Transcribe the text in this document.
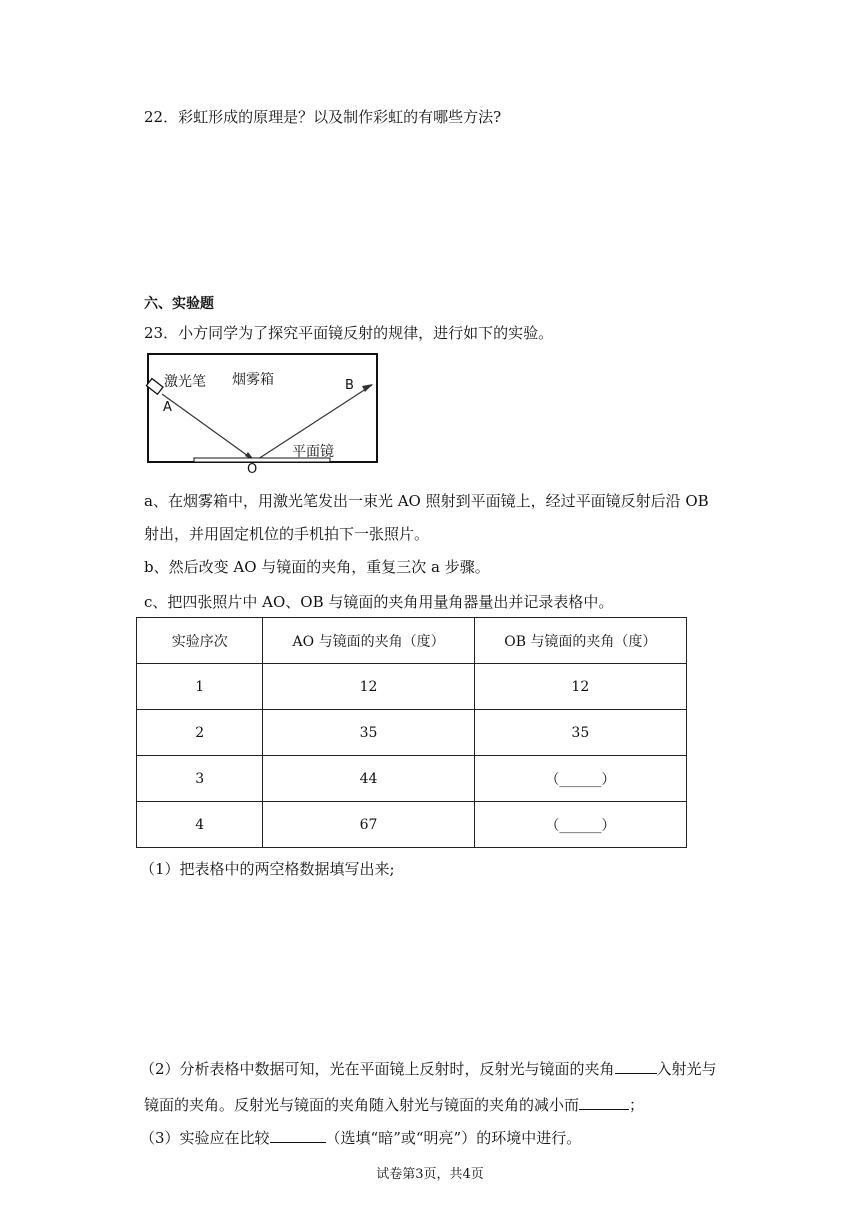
22．彩虹形成的原理是？以及制作彩虹的有哪些方法?
六、实验题
23．小方同学为了探究平面镜反射的规律，进行如下的实验。
激光笔 烟雾箱
平面镜
A
B
O
a、在烟雾箱中，用激光笔发出一束光 AO 照射到平面镜上，经过平面镜反射后沿 OB
射出，并用固定机位的手机拍下一张照片。
b、然后改变 AO 与镜面的夹角，重复三次 a 步骤。
c、把四张照片中 AO、OB 与镜面的夹角用量角器量出并记录表格中。
实验序次	AO 与镜面的夹角（度）	OB 与镜面的夹角（度）
1	12	12
2	35	35
3	44	（______）
4	67	（______）
（1）把表格中的两空格数据填写出来;
（2）分析表格中数据可知，光在平面镜上反射时，反射光与镜面的夹角	入射光与
镜面的夹角。反射光与镜面的夹角随入射光与镜面的夹角的减小而	；
（3）实验应在比较	（选填“暗”或“明亮”）的环境中进行。
试卷第3页，共4页
